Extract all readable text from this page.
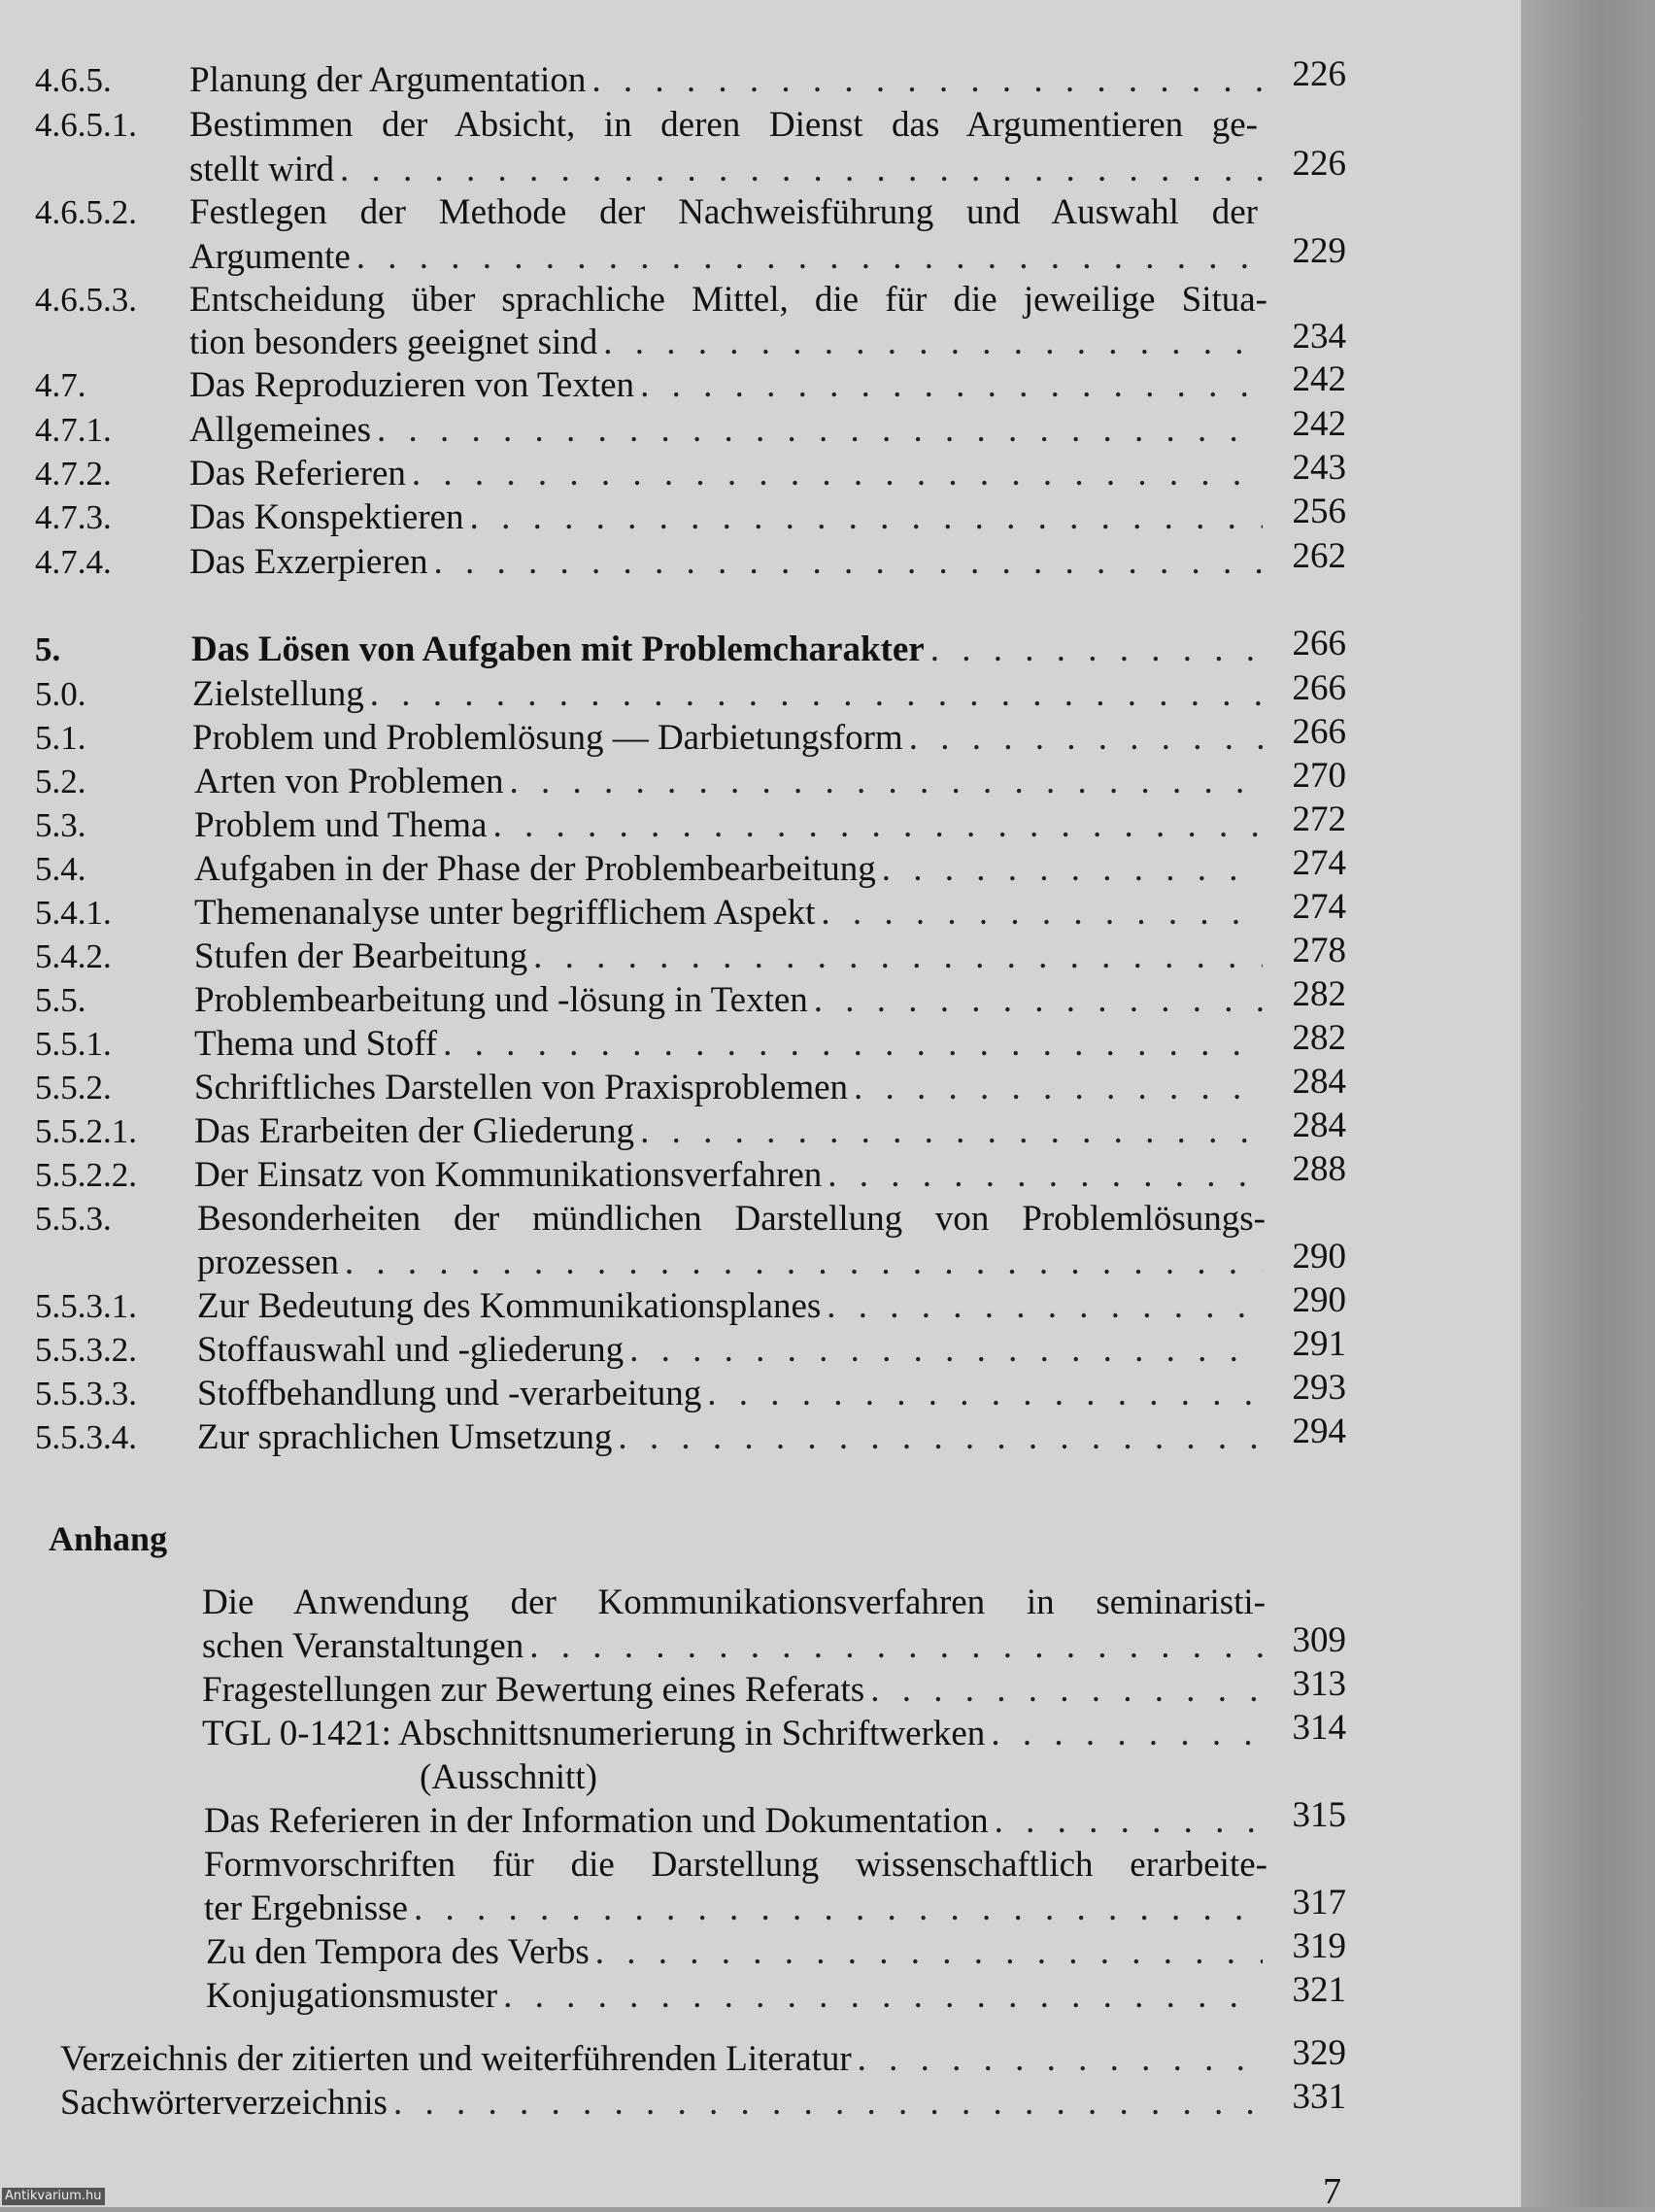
4.6.5. Planung der Argumentation . . .	226
4.6.5.1. Bestimmen der Absicht, in deren Dienst das Argumentieren ge-
stellt wird . . .	226
4.6.5.2. Festlegen der Methode der Nachweisführung und Auswahl der
Argumente . . .	229
4.6.5.3. Entscheidung über sprachliche Mittel, die für die jeweilige Situa-
tion besonders geeignet sind . . .	234
4.7.	Das Reproduzieren von Texten . . .	242
4.7.1. Allgemeines . . .	242
4.7.2. Das Referieren . . .	243
4.7.3. Das Konspektieren . . .	256
4.7.4. Das Exzerpieren . . .	262
5.	Das Lösen von Aufgaben mit Problemcharakter . . .	266
5.0.	Zielstellung . . .	266
5.1.	Problem und Problemlösung — Darbietungsform . . .	266
5.2.	Arten von Problemen . . .	270
5.3.	Problem und Thema . . .	272
5.4.	Aufgaben in der Phase der Problembearbeitung . . .	274
5.4.1. Themenanalyse unter begrifflichem Aspekt . . .	274
5.4.2. Stufen der Bearbeitung . . .	278
5.5.	Problembearbeitung und -lösung in Texten . . .	282
5.5.1. Thema und Stoff . . .	282
5.5.2. Schriftliches Darstellen von Praxisproblemen . . .	284
5.5.2.1. Das Erarbeiten der Gliederung . . .	284
5.5.2.2. Der Einsatz von Kommunikationsverfahren . . .	288
5.5.3. Besonderheiten der mündlichen Darstellung von Problemlösungs-
prozessen . . .	290
5.5.3.1. Zur Bedeutung des Kommunikationsplanes . . .	290
5.5.3.2. Stoffauswahl und -gliederung . . .	291
5.5.3.3. Stoffbehandlung und -verarbeitung . . .	293
5.5.3.4. Zur sprachlichen Umsetzung . . .	294
Anhang
Die Anwendung der Kommunikationsverfahren in seminaristi-
schen Veranstaltungen . . .	309
Fragestellungen zur Bewertung eines Referats . . .	313
TGL 0-1421: Abschnittsnumerierung in Schriftwerken . . .	314
(Ausschnitt)
Das Referieren in der Information und Dokumentation . . .	315
Formvorschriften für die Darstellung wissenschaftlich erarbeite-
ter Ergebnisse . . .	317
Zu den Tempora des Verbs . . .	319
Konjugationsmuster . . .	321
Verzeichnis der zitierten und weiterführenden Literatur . . .	329
Sachwörterverzeichnis . . .	331
7
Antikvarium.hu
